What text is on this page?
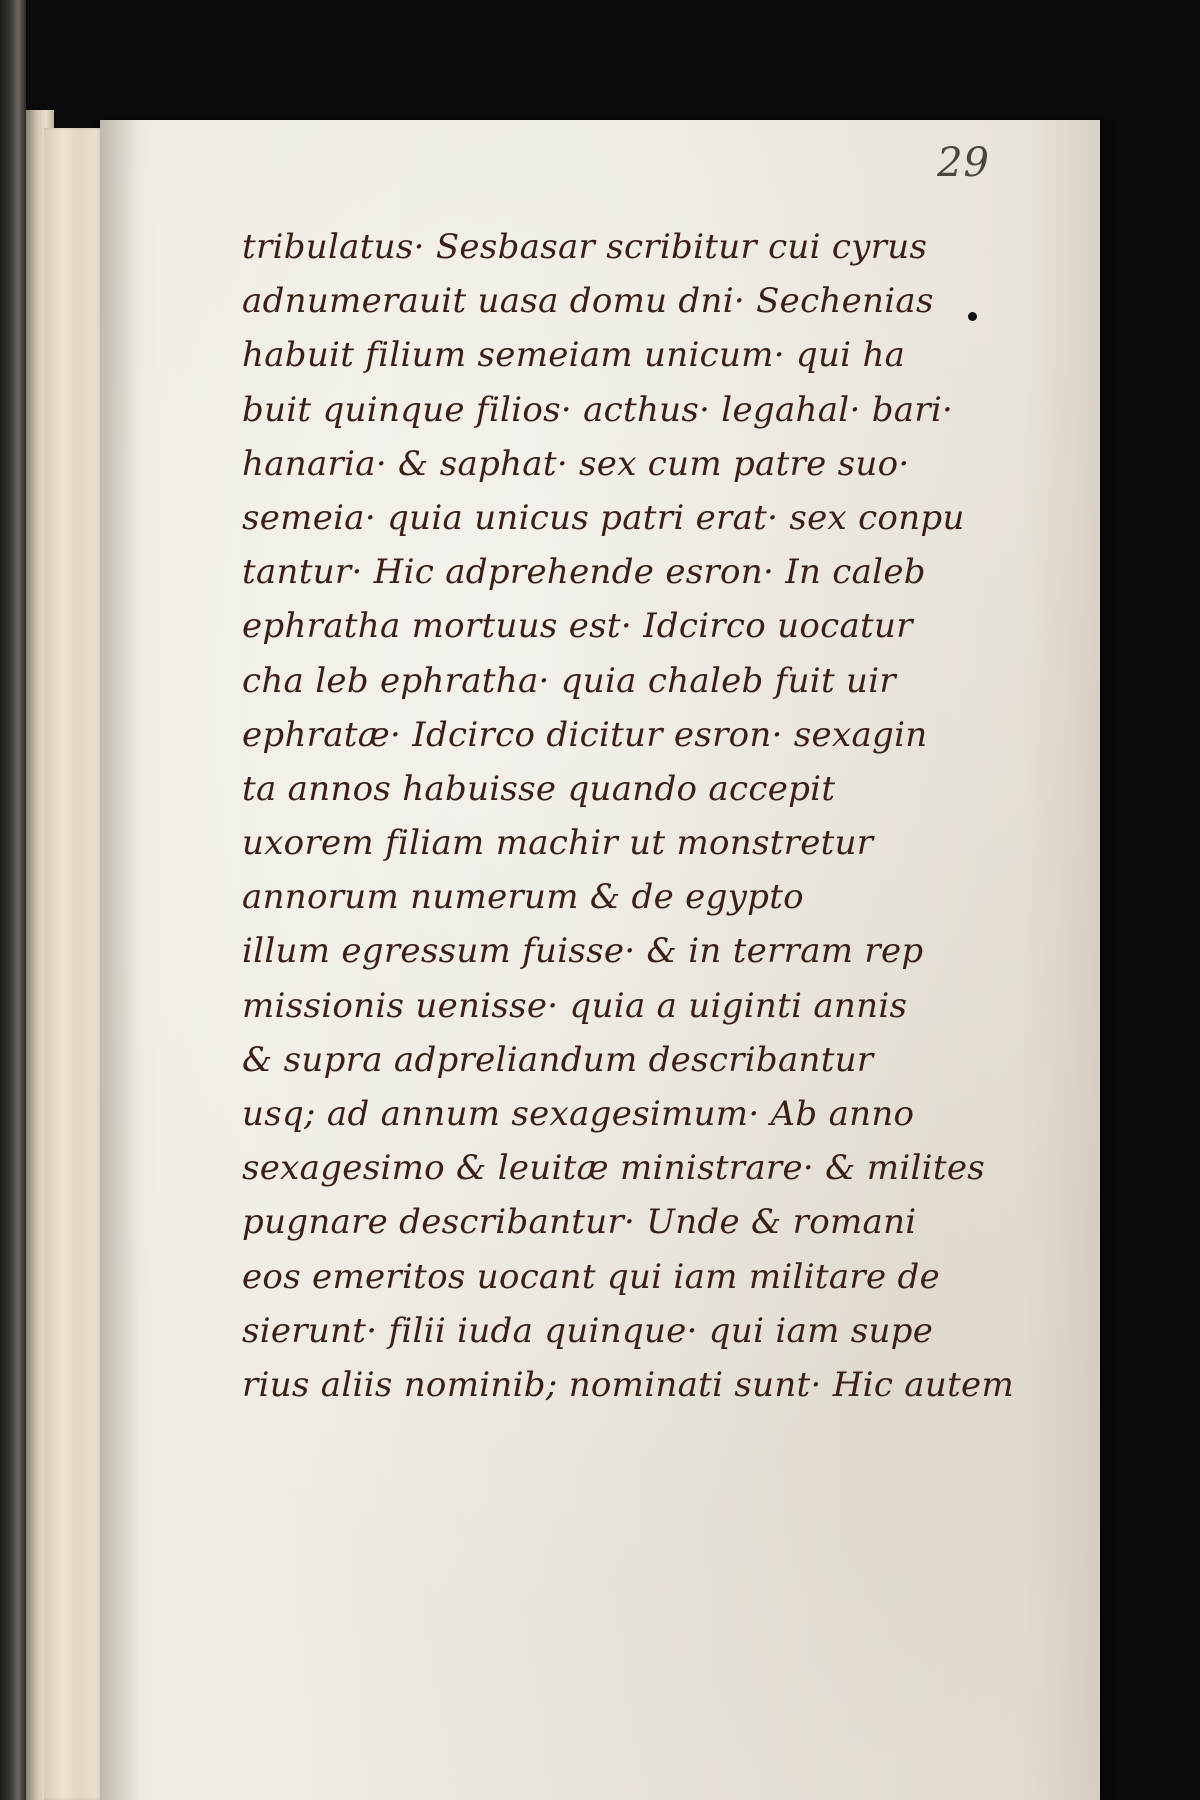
29
tribulatus· Sesbasar scribitur cui cyrus
adnumerauit uasa domu dni· Sechenias
habuit filium semeiam unicum· qui ha
buit quinque filios· acthus· legahal· bari·
hanaria· & saphat· sex cum patre suo·
semeia· quia unicus patri erat· sex conpu
tantur· Hic adprehende esron· In caleb
ephratha mortuus est· Idcirco uocatur
cha leb ephratha· quia chaleb fuit uir
ephratæ· Idcirco dicitur esron· sexagin
ta annos habuisse quando accepit
uxorem filiam machir ut monstretur
annorum numerum & de egypto
illum egressum fuisse· & in terram rep
missionis uenisse· quia a uiginti annis
& supra adpreliandum describantur
usq; ad annum sexagesimum· Ab anno
sexagesimo & leuitæ ministrare· & milites
pugnare describantur· Unde & romani
eos emeritos uocant qui iam militare de
sierunt· filii iuda quinque· qui iam supe
rius aliis nominib; nominati sunt· Hic autem
